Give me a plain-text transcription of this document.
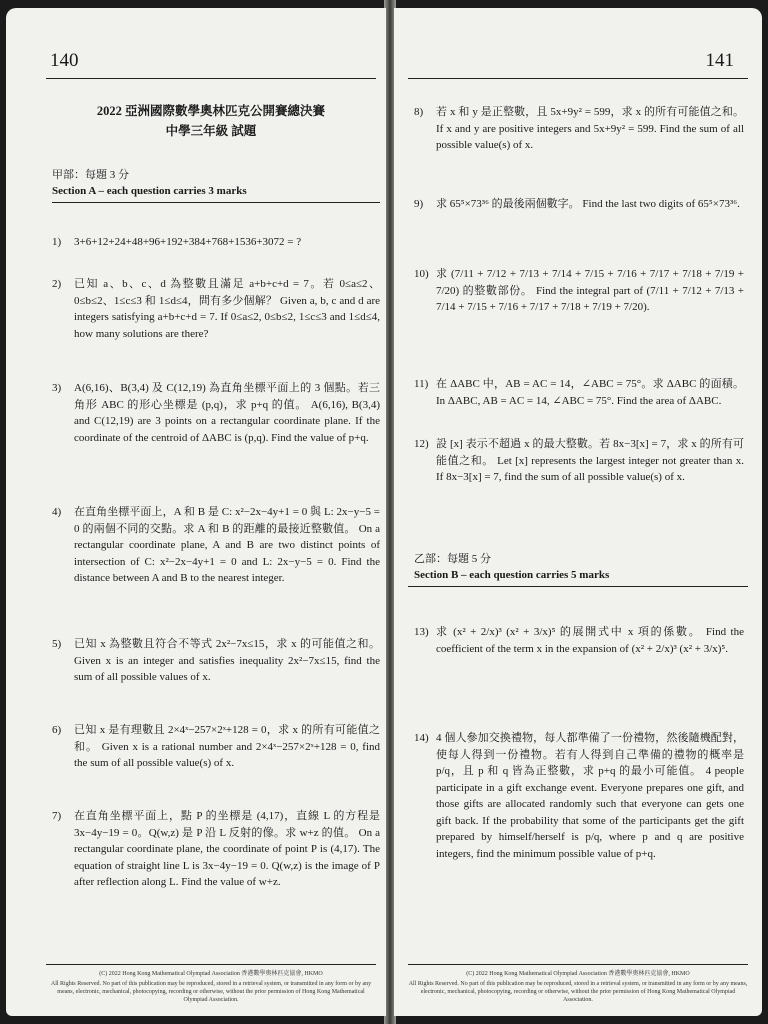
140
2022 亞洲國際數學奧林匹克公開賽總決賽
中學三年級 試題
甲部：每題 3 分
Section A – each question carries 3 marks
1) 3+6+12+24+48+96+192+384+768+1536+3072 = ?
2) 已知 a、b、c、d 為整數且滿足 a+b+c+d = 7。若 0≤a≤2、0≤b≤2、1≤c≤3 和 1≤d≤4，問有多少個解？ Given a, b, c and d are integers satisfying a+b+c+d = 7. If 0≤a≤2, 0≤b≤2, 1≤c≤3 and 1≤d≤4, how many solutions are there?
3) A(6,16)、B(3,4) 及 C(12,19) 為直角坐標平面上的 3 個點。若三角形 ABC 的形心坐標是 (p,q)，求 p+q 的值。 A(6,16), B(3,4) and C(12,19) are 3 points on a rectangular coordinate plane. If the coordinate of the centroid of ΔABC is (p,q). Find the value of p+q.
4) 在直角坐標平面上，A 和 B 是 C: x²−2x−4y+1 = 0 與 L: 2x−y−5 = 0 的兩個不同的交點。求 A 和 B 的距離的最接近整數值。 On a rectangular coordinate plane, A and B are two distinct points of intersection of C: x²−2x−4y+1 = 0 and L: 2x−y−5 = 0. Find the distance between A and B to the nearest integer.
5) 已知 x 為整數且符合不等式 2x²−7x≤15，求 x 的可能值之和。 Given x is an integer and satisfies inequality 2x²−7x≤15, find the sum of all possible values of x.
6) 已知 x 是有理數且 2×4ˣ−257×2ˣ+128 = 0，求 x 的所有可能值之和。 Given x is a rational number and 2×4ˣ−257×2ˣ+128 = 0, find the sum of all possible value(s) of x.
7) 在直角坐標平面上，點 P 的坐標是 (4,17)，直線 L 的方程是 3x−4y−19 = 0。Q(w,z) 是 P 沿 L 反射的像。求 w+z 的值。 On a rectangular coordinate plane, the coordinate of point P is (4,17). The equation of straight line L is 3x−4y−19 = 0. Q(w,z) is the image of P after reflection along L. Find the value of w+z.
(C) 2022 Hong Kong Mathematical Olympiad Association 香港數學奧林匹克協會, HKMO
All Rights Reserved. No part of this publication may be reproduced, stored in a retrieval system, or transmitted in any form or by any means, electronic, mechanical, photocopying, recording or otherwise, without the prior permission of Hong Kong Mathematical Olympiad Association.
141
8) 若 x 和 y 是正整數，且 5x+9y² = 599，求 x 的所有可能值之和。 If x and y are positive integers and 5x+9y² = 599. Find the sum of all possible value(s) of x.
9) 求 65⁵×73³⁶ 的最後兩個數字。 Find the last two digits of 65⁵×73³⁶.
10) 求 (7/11 + 7/12 + 7/13 + 7/14 + 7/15 + 7/16 + 7/17 + 7/18 + 7/19 + 7/20) 的整數部份。 Find the integral part of (7/11 + 7/12 + 7/13 + 7/14 + 7/15 + 7/16 + 7/17 + 7/18 + 7/19 + 7/20).
11) 在 ΔABC 中，AB = AC = 14，∠ABC = 75°。求 ΔABC 的面積。 In ΔABC, AB = AC = 14, ∠ABC = 75°. Find the area of ΔABC.
12) 設 [x] 表示不超過 x 的最大整數。若 8x−3[x] = 7，求 x 的所有可能值之和。 Let [x] represents the largest integer not greater than x. If 8x−3[x] = 7, find the sum of all possible value(s) of x.
乙部：每題 5 分
Section B – each question carries 5 marks
13) 求 (x² + 2/x)³ (x² + 3/x)⁵ 的展開式中 x 項的係數。 Find the coefficient of the term x in the expansion of (x² + 2/x)³ (x² + 3/x)⁵.
14) 4 個人參加交換禮物，每人都準備了一份禮物，然後隨機配對，使每人得到一份禮物。若有人得到自己準備的禮物的概率是 p/q，且 p 和 q 皆為正整數，求 p+q 的最小可能值。 4 people participate in a gift exchange event. Everyone prepares one gift, and those gifts are allocated randomly such that everyone can gets one gift back. If the probability that some of the participants get the gift prepared by himself/herself is p/q, where p and q are positive integers, find the minimum possible value of p+q.
(C) 2022 Hong Kong Mathematical Olympiad Association 香港數學奧林匹克協會, HKMO
All Rights Reserved. No part of this publication may be reproduced, stored in a retrieval system, or transmitted in any form or by any means, electronic, mechanical, photocopying, recording or otherwise, without the prior permission of Hong Kong Mathematical Olympiad Association.
